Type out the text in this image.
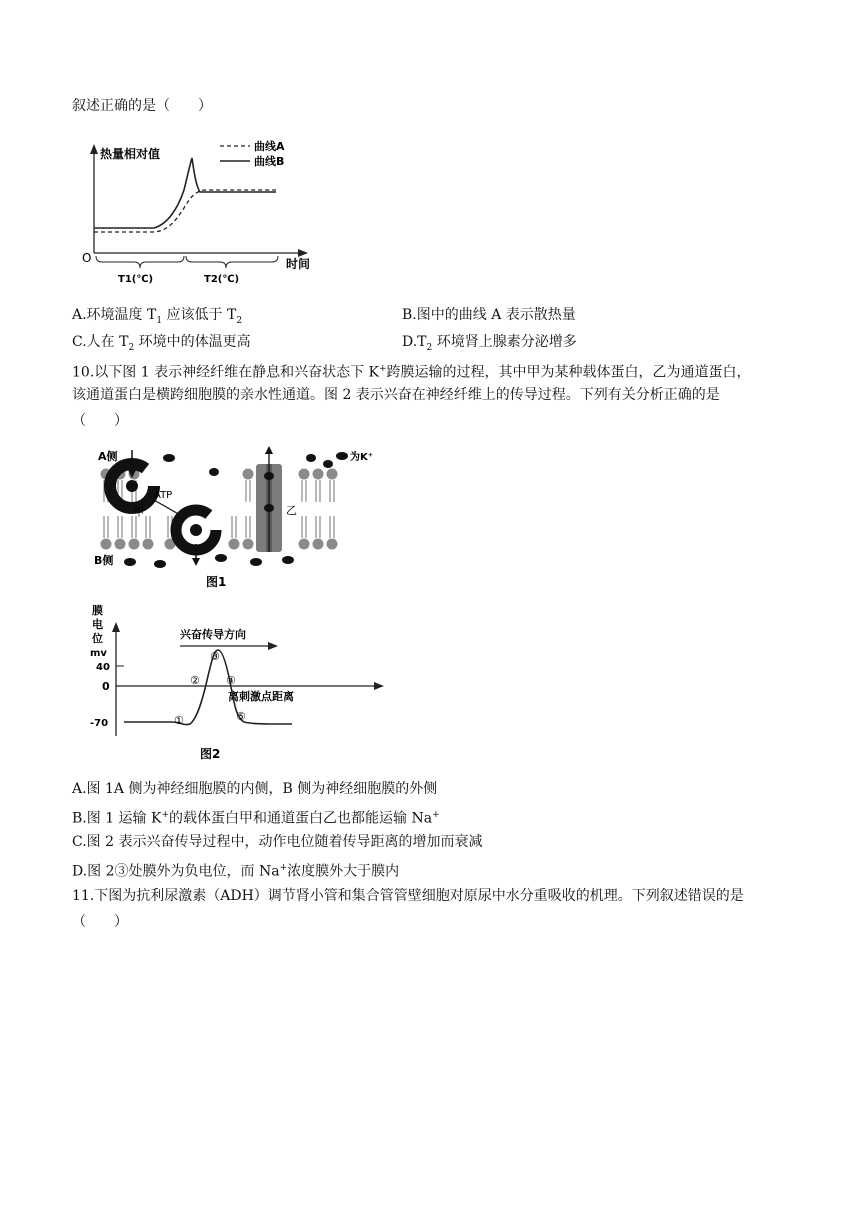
叙述正确的是（　　）
热量相对值
O	时间
曲线A
曲线B
T1(℃)	T2(℃)
A.环境温度 $T_1$ 应该低于 $T_2$	B.图中的曲线 A 表示散热量
C.人在 $T_2$ 环境中的体温更高	$D.T_2$ 环境肾上腺素分泌增多
10.以下图 1 表示神经纤维在静息和兴奋状态下 K+跨膜运输的过程，其中甲为某种载体蛋白，乙为通道蛋白，
该通道蛋白是横跨细胞膜的亲水性通道。图 2 表示兴奋在神经纤维上的传导过程。下列有关分析正确的是
（　　）
ATP
甲	乙
为K⁺
A侧
B侧
图1
膜
电
位
mv
40
0
-70
兴奋传导方向
离刺激点距离
①
②
③
④
⑤
图2
A.图 1A 侧为神经细胞膜的内侧，B 侧为神经细胞膜的外侧
B.图 1 运输 K+的载体蛋白甲和通道蛋白乙也都能运输 Na+
C.图 2 表示兴奋传导过程中，动作电位随着传导距离的增加而衰减
D.图 2③处膜外为负电位，而 Na+浓度膜外大于膜内
11.下图为抗利尿激素（ADH）调节肾小管和集合管管壁细胞对原尿中水分重吸收的机理。下列叙述错误的是
（　　）
